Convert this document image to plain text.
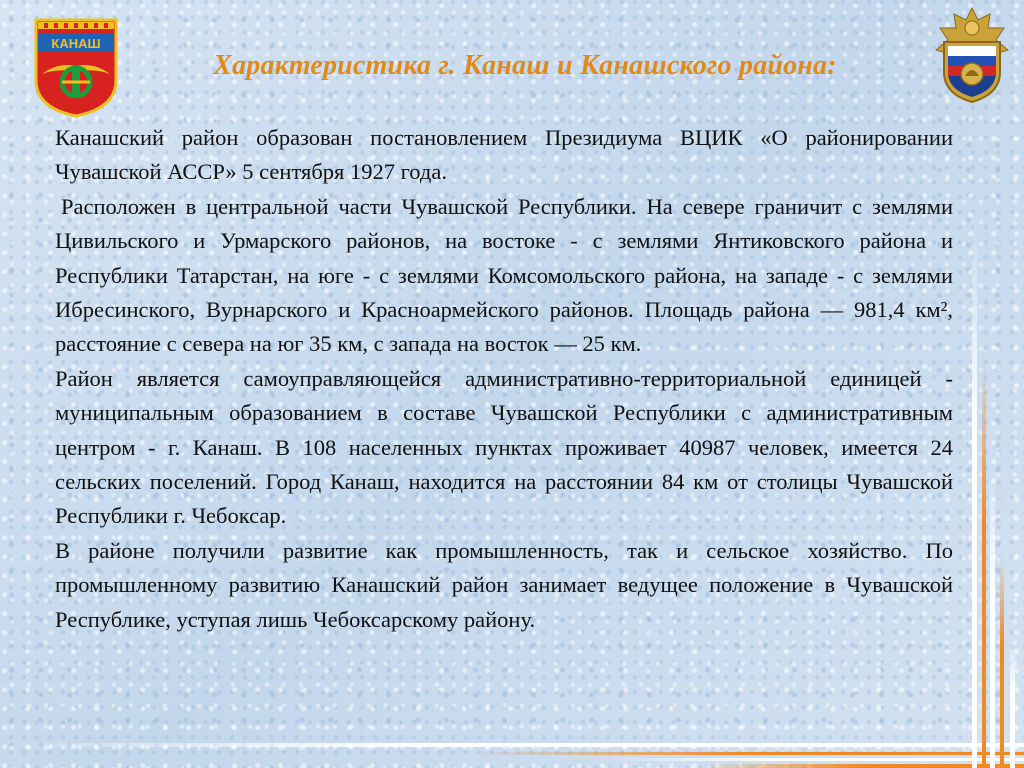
КАНАШ
Характеристика г. Канаш и Канашского района:

Канашский район образован постановлением Президиума ВЦИК «О районировании Чувашской АССР» 5 сентября 1927 года.

Расположен в центральной части Чувашской Республики. На севере граничит с землями Цивильского и Урмарского районов, на востоке - с землями Янтиковского района и Республики Татарстан, на юге - с землями Комсомольского района, на западе - с землями Ибресинского, Вурнарского и Красноармейского районов. Площадь района — 981,4 км², расстояние с севера на юг 35 км, с запада на восток — 25 км.

Район является самоуправляющейся административно-территориальной единицей - муниципальным образованием в составе Чувашской Республики с административным центром - г. Канаш. В 108 населенных пунктах проживает 40987 человек, имеется 24 сельских поселений. Город Канаш, находится на расстоянии 84 км от столицы Чувашской Республики г. Чебоксар.

В районе получили развитие как промышленность, так и сельское хозяйство. По промышленному развитию Канашский район занимает ведущее положение в Чувашской Республике, уступая лишь Чебоксарскому району.
